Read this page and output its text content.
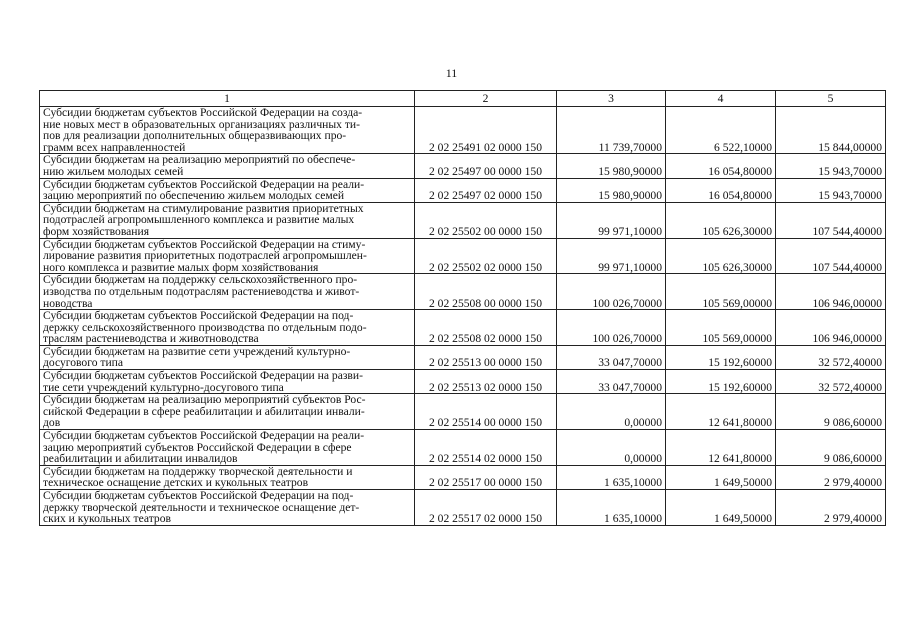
11
1	2	3	4	5

Субсидии бюджетам субъектов Российской Федерации на созда-
ние новых мест в образовательных организациях различных ти-
пов для реализации дополнительных общеразвивающих про-
грамм всех направленностей	2 02 25491 02 0000 150	11 739,70000	6 522,10000	15 844,00000

Субсидии бюджетам на реализацию мероприятий по обеспече-
нию жильем молодых семей	2 02 25497 00 0000 150	15 980,90000	16 054,80000	15 943,70000

Субсидии бюджетам субъектов Российской Федерации на реали-
зацию мероприятий по обеспечению жильем молодых семей	2 02 25497 02 0000 150	15 980,90000	16 054,80000	15 943,70000

Субсидии бюджетам на стимулирование развития приоритетных
подотраслей агропромышленного комплекса и развитие малых
форм хозяйствования	2 02 25502 00 0000 150	99 971,10000	105 626,30000	107 544,40000

Субсидии бюджетам субъектов Российской Федерации на стиму-
лирование развития приоритетных подотраслей агропромышлен-
ного комплекса и развитие малых форм хозяйствования	2 02 25502 02 0000 150	99 971,10000	105 626,30000	107 544,40000

Субсидии бюджетам на поддержку сельскохозяйственного про-
изводства по отдельным подотраслям растениеводства и живот-
новодства	2 02 25508 00 0000 150	100 026,70000	105 569,00000	106 946,00000

Субсидии бюджетам субъектов Российской Федерации на под-
держку сельскохозяйственного производства по отдельным подо-
траслям растениеводства и животноводства	2 02 25508 02 0000 150	100 026,70000	105 569,00000	106 946,00000

Субсидии бюджетам на развитие сети учреждений культурно-
досугового типа	2 02 25513 00 0000 150	33 047,70000	15 192,60000	32 572,40000

Субсидии бюджетам субъектов Российской Федерации на разви-
тие сети учреждений культурно-досугового типа	2 02 25513 02 0000 150	33 047,70000	15 192,60000	32 572,40000

Субсидии бюджетам на реализацию мероприятий субъектов Рос-
сийской Федерации в сфере реабилитации и абилитации инвали-
дов	2 02 25514 00 0000 150	0,00000	12 641,80000	9 086,60000

Субсидии бюджетам субъектов Российской Федерации на реали-
зацию мероприятий субъектов Российской Федерации в сфере
реабилитации и абилитации инвалидов	2 02 25514 02 0000 150	0,00000	12 641,80000	9 086,60000

Субсидии бюджетам на поддержку творческой деятельности и
техническое оснащение детских и кукольных театров	2 02 25517 00 0000 150	1 635,10000	1 649,50000	2 979,40000

Субсидии бюджетам субъектов Российской Федерации на под-
держку творческой деятельности и техническое оснащение дет-
ских и кукольных театров	2 02 25517 02 0000 150	1 635,10000	1 649,50000	2 979,40000
